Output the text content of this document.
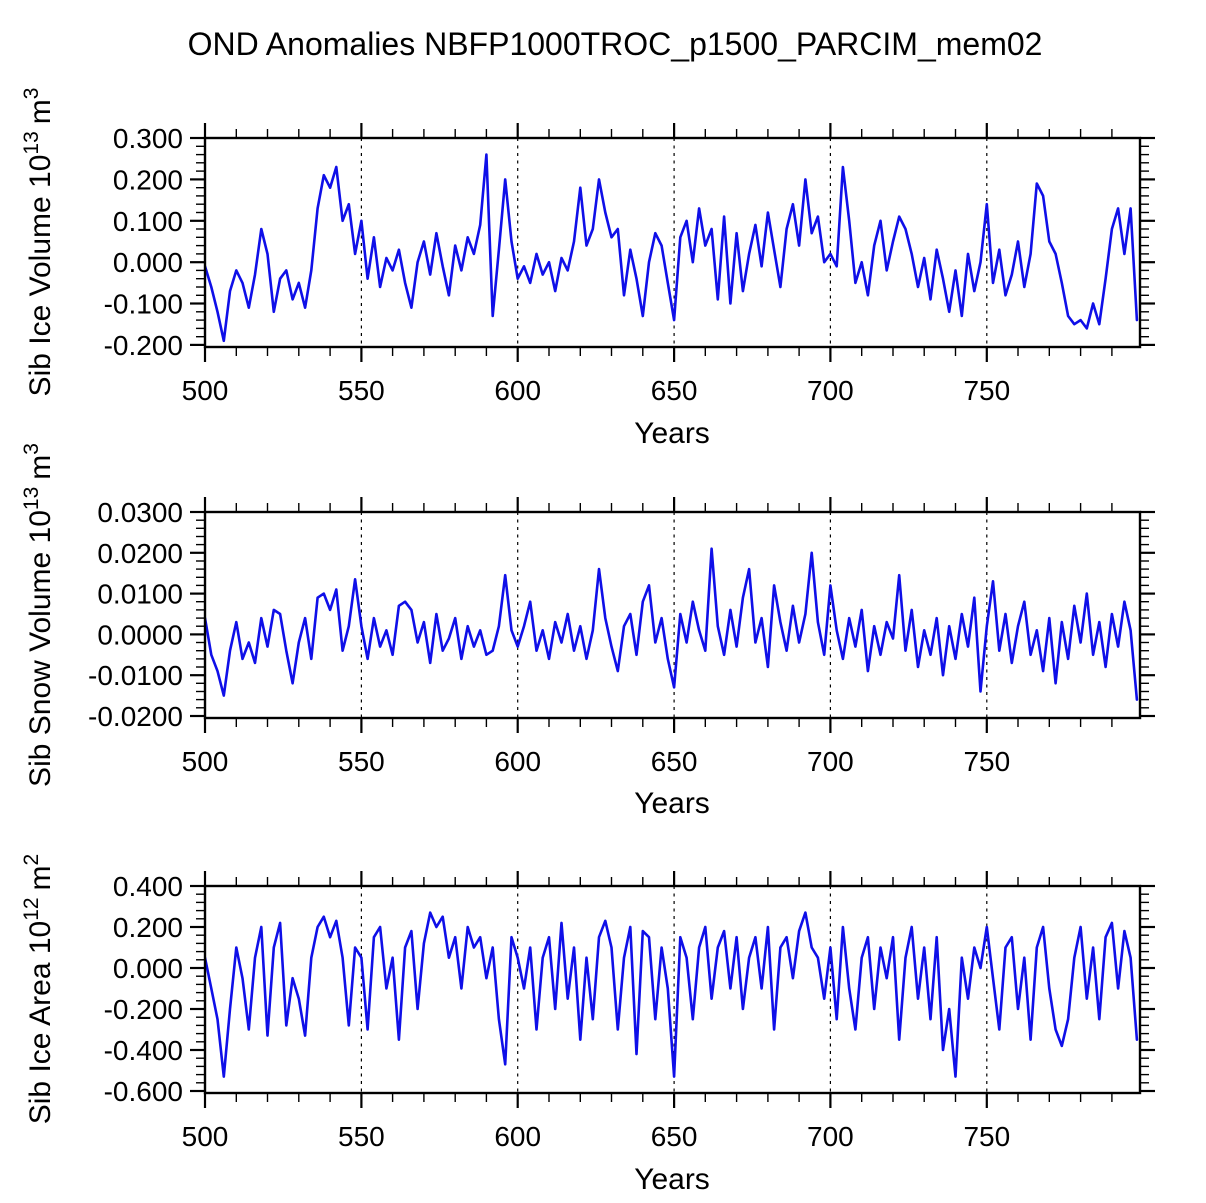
OND Anomalies NBFP1000TROC_p1500_PARCIM_mem02
500	550	600	650	700	750
0.300
0.200
0.100
0.000
-0.100
-0.200
500	550	600	650	700	750
0.0300
0.0200
0.0100
0.0000
-0.0100
-0.0200
500	550	600	650	700	750
0.400
0.200
0.000
-0.200
-0.400
-0.600
Sib Ice Volume $10^{13}m^3$
Sib Snow Volume $10^{13}m^3$
Sib Ice Area $10^{12}m^2$
Years
Years
Years
